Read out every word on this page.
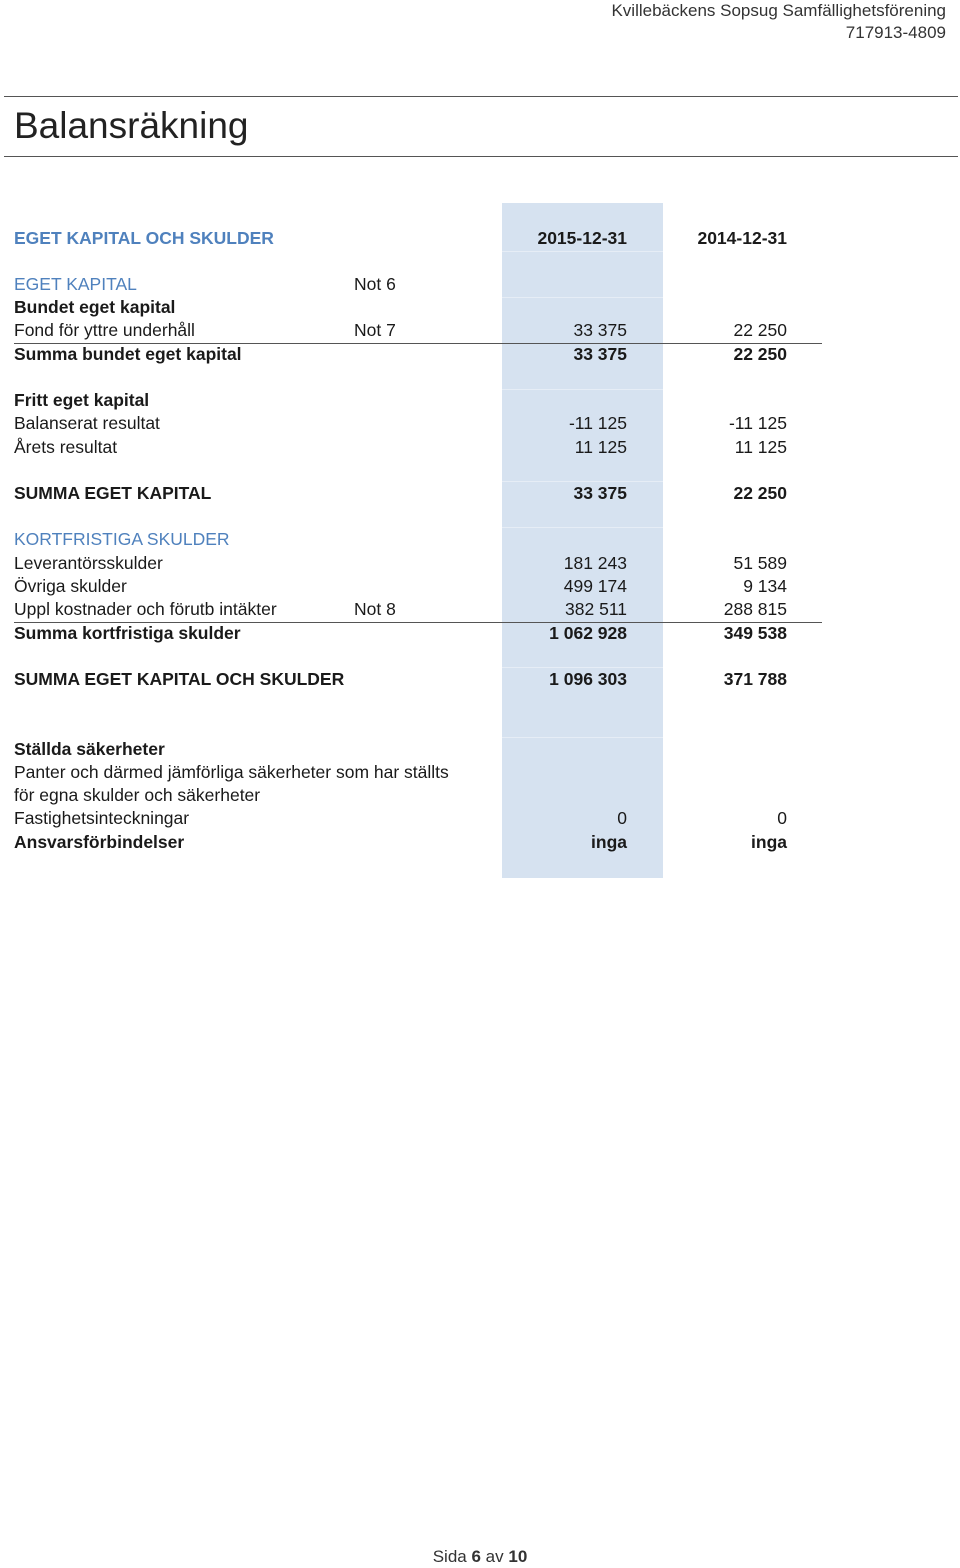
Kvillebäckens Sopsug Samfällighetsförening
717913-4809
Balansräkning
EGET KAPITAL OCH SKULDER	2015-12-31	2014-12-31
EGET KAPITAL	Not 6
Bundet eget kapital
Fond för yttre underhåll	Not 7	33 375	22 250
Summa bundet eget kapital	33 375	22 250
Fritt eget kapital
Balanserat resultat	-11 125	-11 125
Årets resultat	11 125	11 125
SUMMA EGET KAPITAL	33 375	22 250
KORTFRISTIGA SKULDER
Leverantörsskulder	181 243	51 589
Övriga skulder	499 174	9 134
Uppl kostnader och förutb intäkter	Not 8	382 511	288 815
Summa kortfristiga skulder	1 062 928	349 538
SUMMA EGET KAPITAL OCH SKULDER	1 096 303	371 788
Ställda säkerheter
Panter och därmed jämförliga säkerheter som har ställts
för egna skulder och säkerheter
Fastighetsinteckningar	0	0
Ansvarsförbindelser	inga	inga
Sida 6 av 10
